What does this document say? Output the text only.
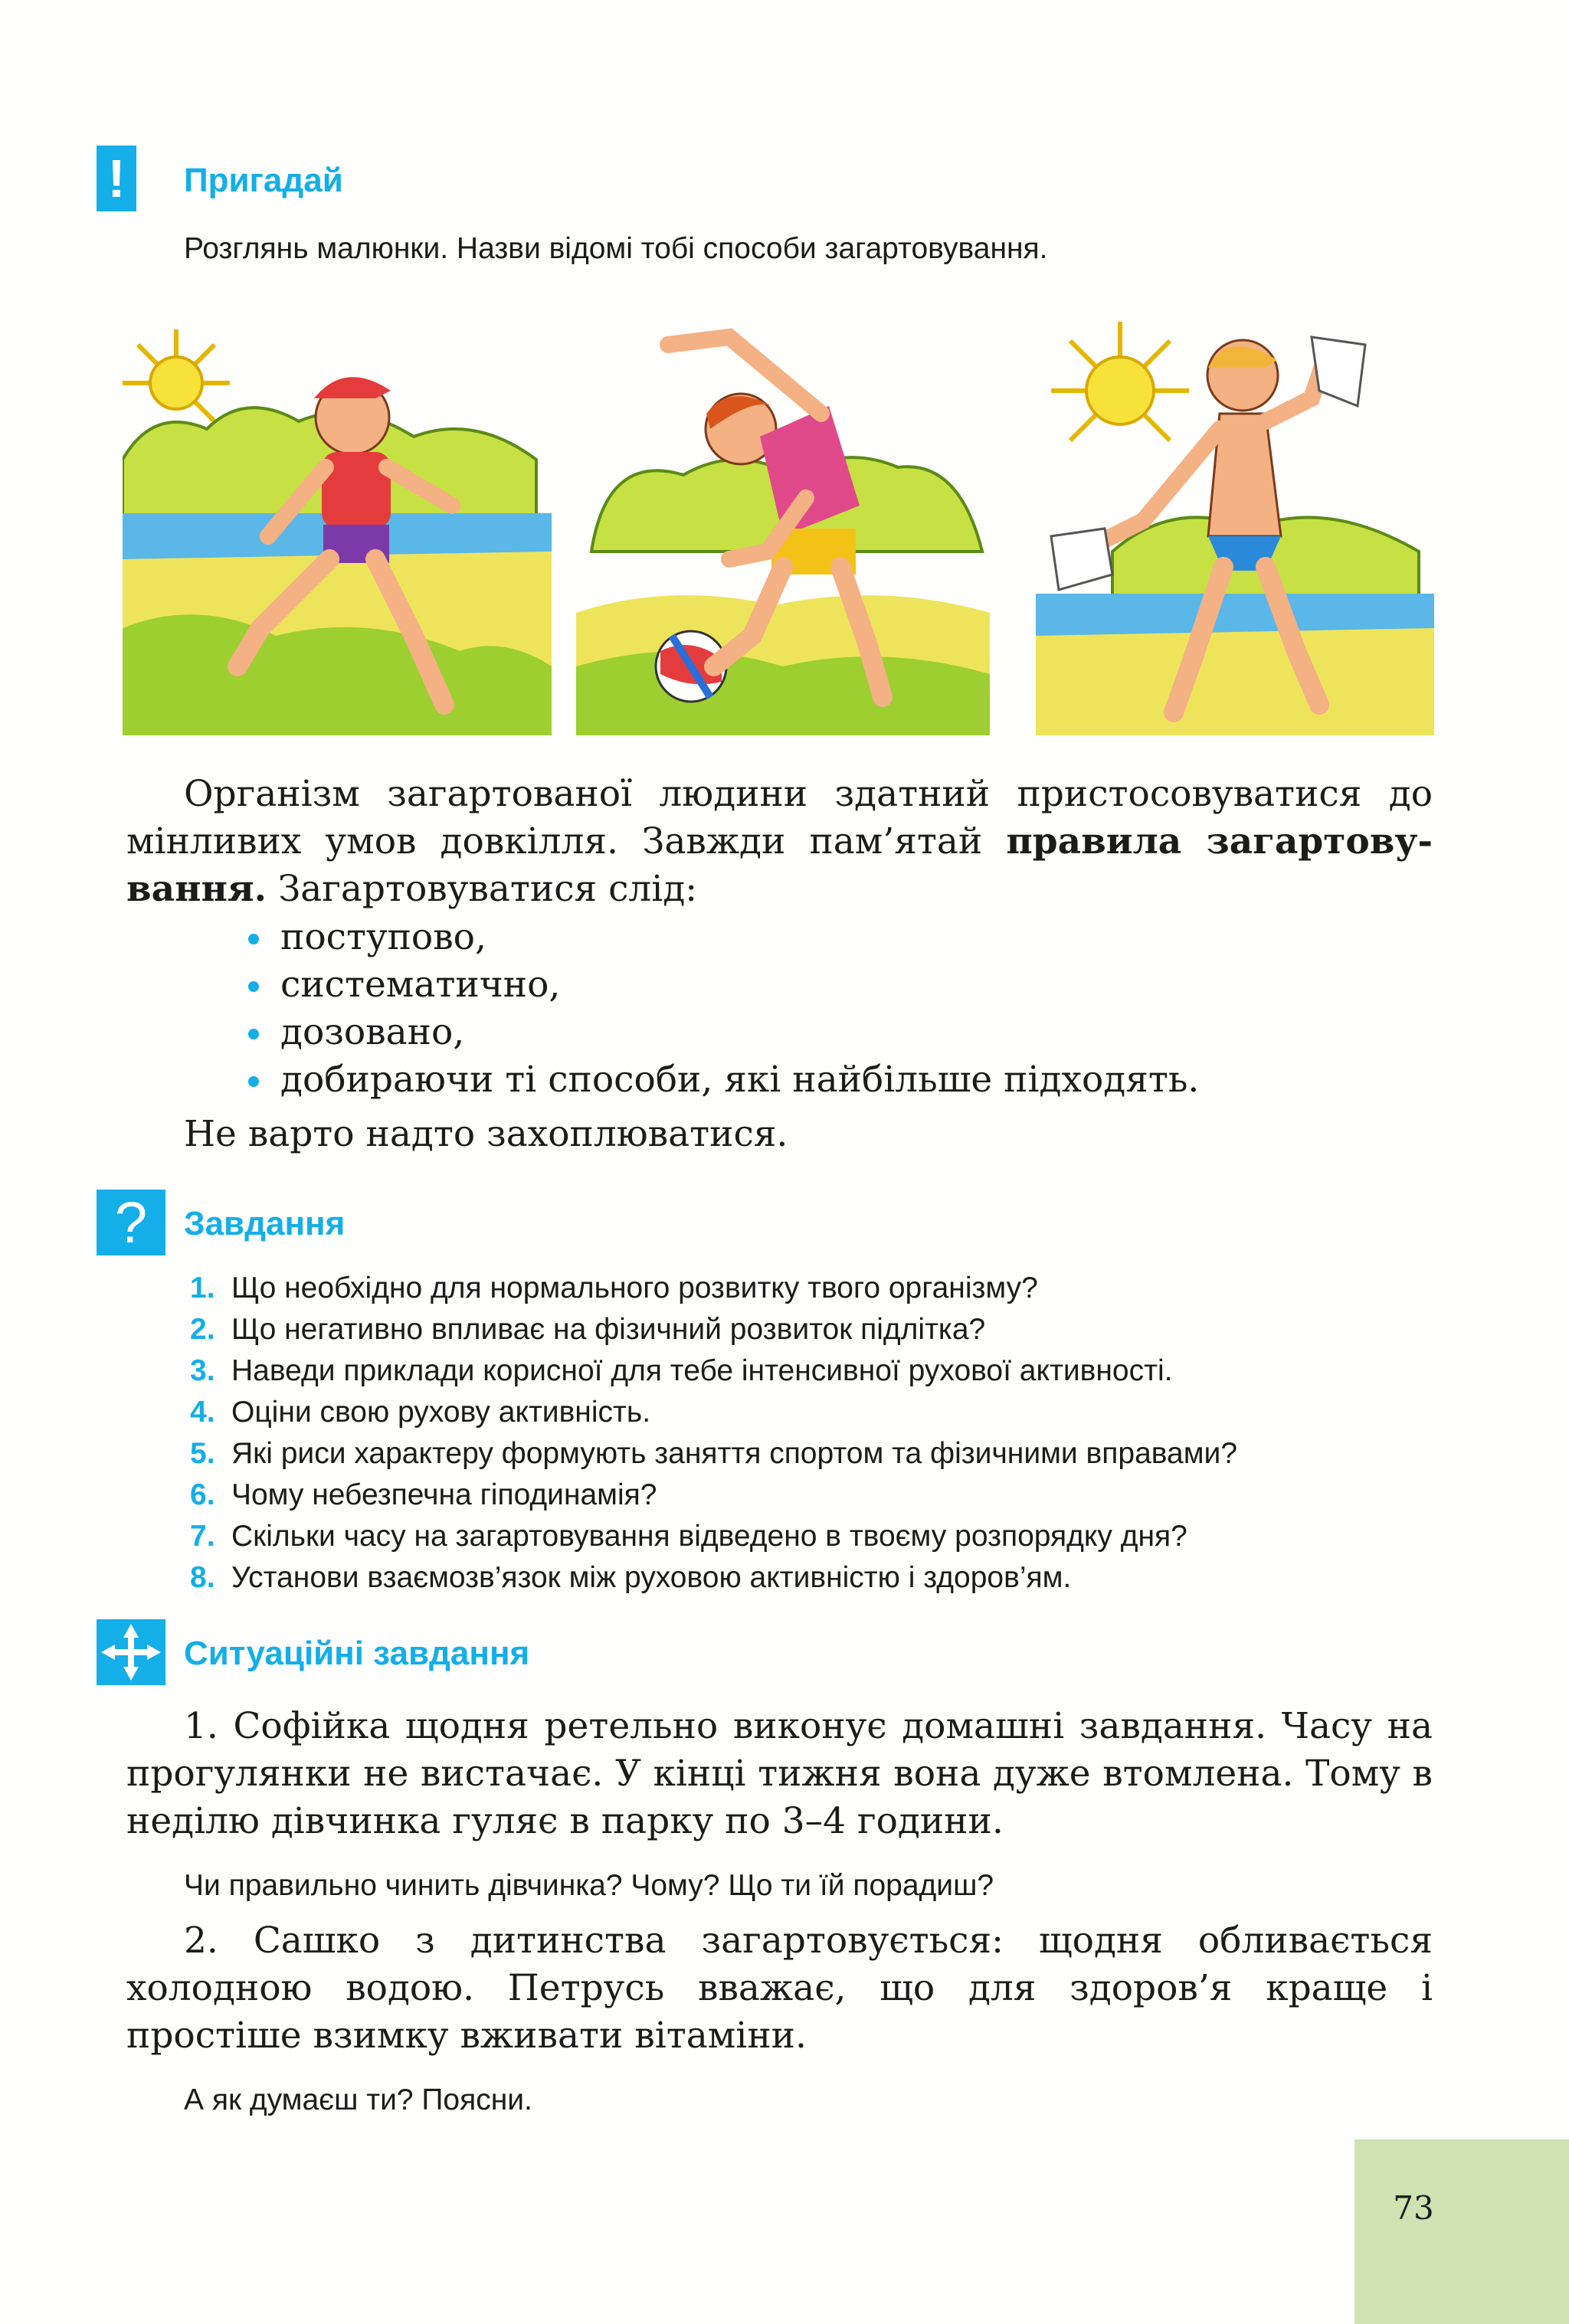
! Пригадай
Розглянь малюнки. Назви відомі тобі способи загартовування.

Організм загартованої людини здатний пристосовуватися до

мінливих умов довкілля. Завжди пам’ятай правила загартову-

вання. Загартовуватися слід:

поступово,
систематично,
дозовано,
добираючи ті способи, які найбільше підходять.

Не варто надто захоплюватися.

? Завдання
1. Що необхідно для нормального розвитку твого організму?
2. Що негативно впливає на фізичний розвиток підлітка?
3. Наведи приклади корисної для тебе інтенсивної рухової активності.
4. Оціни свою рухову активність.
5. Які риси характеру формують заняття спортом та фізичними вправами?
6. Чому небезпечна гіподинамія?
7. Скільки часу на загартовування відведено в твоєму розпорядку дня?
8. Установи взаємозв’язок між руховою активністю і здоров’ям.
Ситуаційні завдання

1. Софійка щодня ретельно виконує домашні завдання. Часу на прогулянки не вистачає. У кінці тижня вона дуже втомлена. Тому в неділю дівчинка гуляє в парку по 3–4 години.

Чи правильно чинить дівчинка? Чому? Що ти їй порадиш?

2. Сашко з дитинства загартовується: щодня обливається холодною водою. Петрусь вважає, що для здоров’я краще і простіше взимку вживати вітаміни.

А як думаєш ти? Поясни.
73
